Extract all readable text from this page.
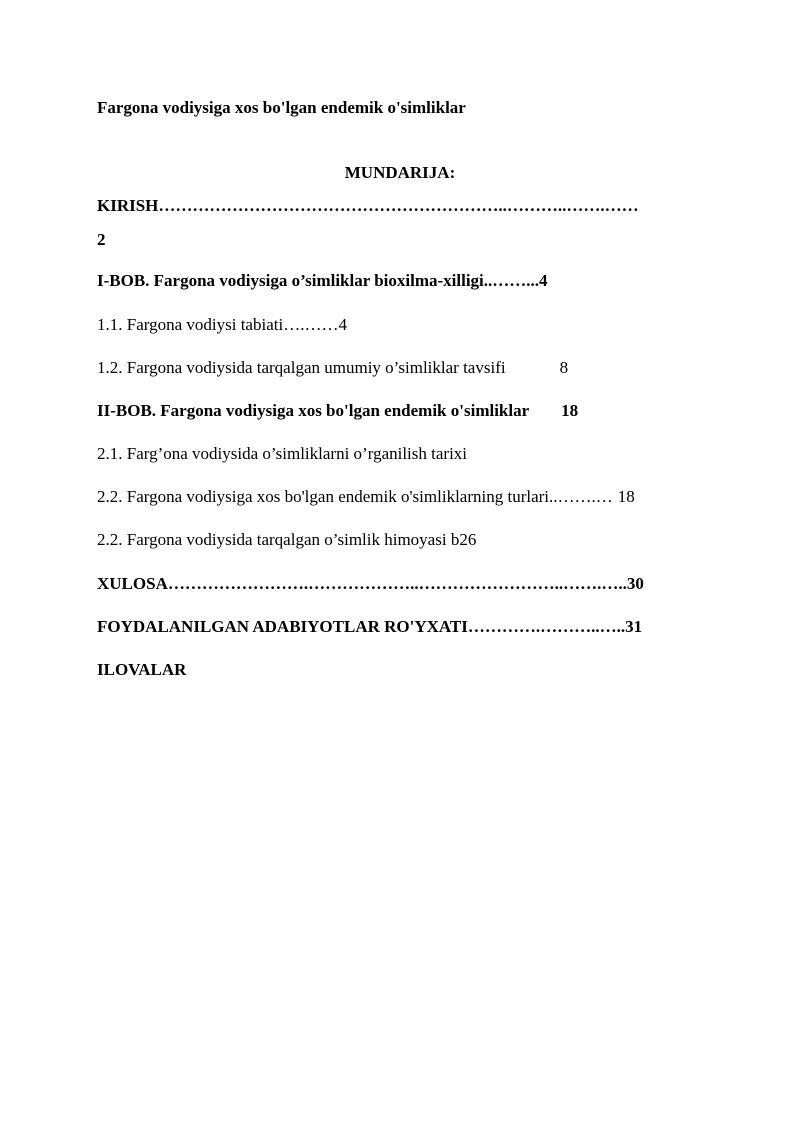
Fargona vodiysiga xos bo'lgan endemik o'simliklar
MUNDARIJA:
KIRISH……………………………………………………..………..…….……
2
I-BOB. Fargona vodiysiga o’simliklar bioxilma-xilligi..……...4
1.1. Fargona vodiysi tabiati….……4
1.2. Fargona vodiysida tarqalgan umumiy o’simliklar tavsifi	8
II-BOB. Fargona vodiysiga xos bo'lgan endemik o'simliklar 18
2.1. Farg’ona vodiysida o’simliklarni o’rganilish tarixi
2.2. Fargona vodiysiga xos bo'lgan endemik o'simliklarning turlari..…….… 18
2.2. Fargona vodiysida tarqalgan o’simlik himoyasi b26
XULOSA…………………….………………..……………………..…….…..30
FOYDALANILGAN ADABIYOTLAR RO'YXATI………….………..…..31
ILOVALAR
